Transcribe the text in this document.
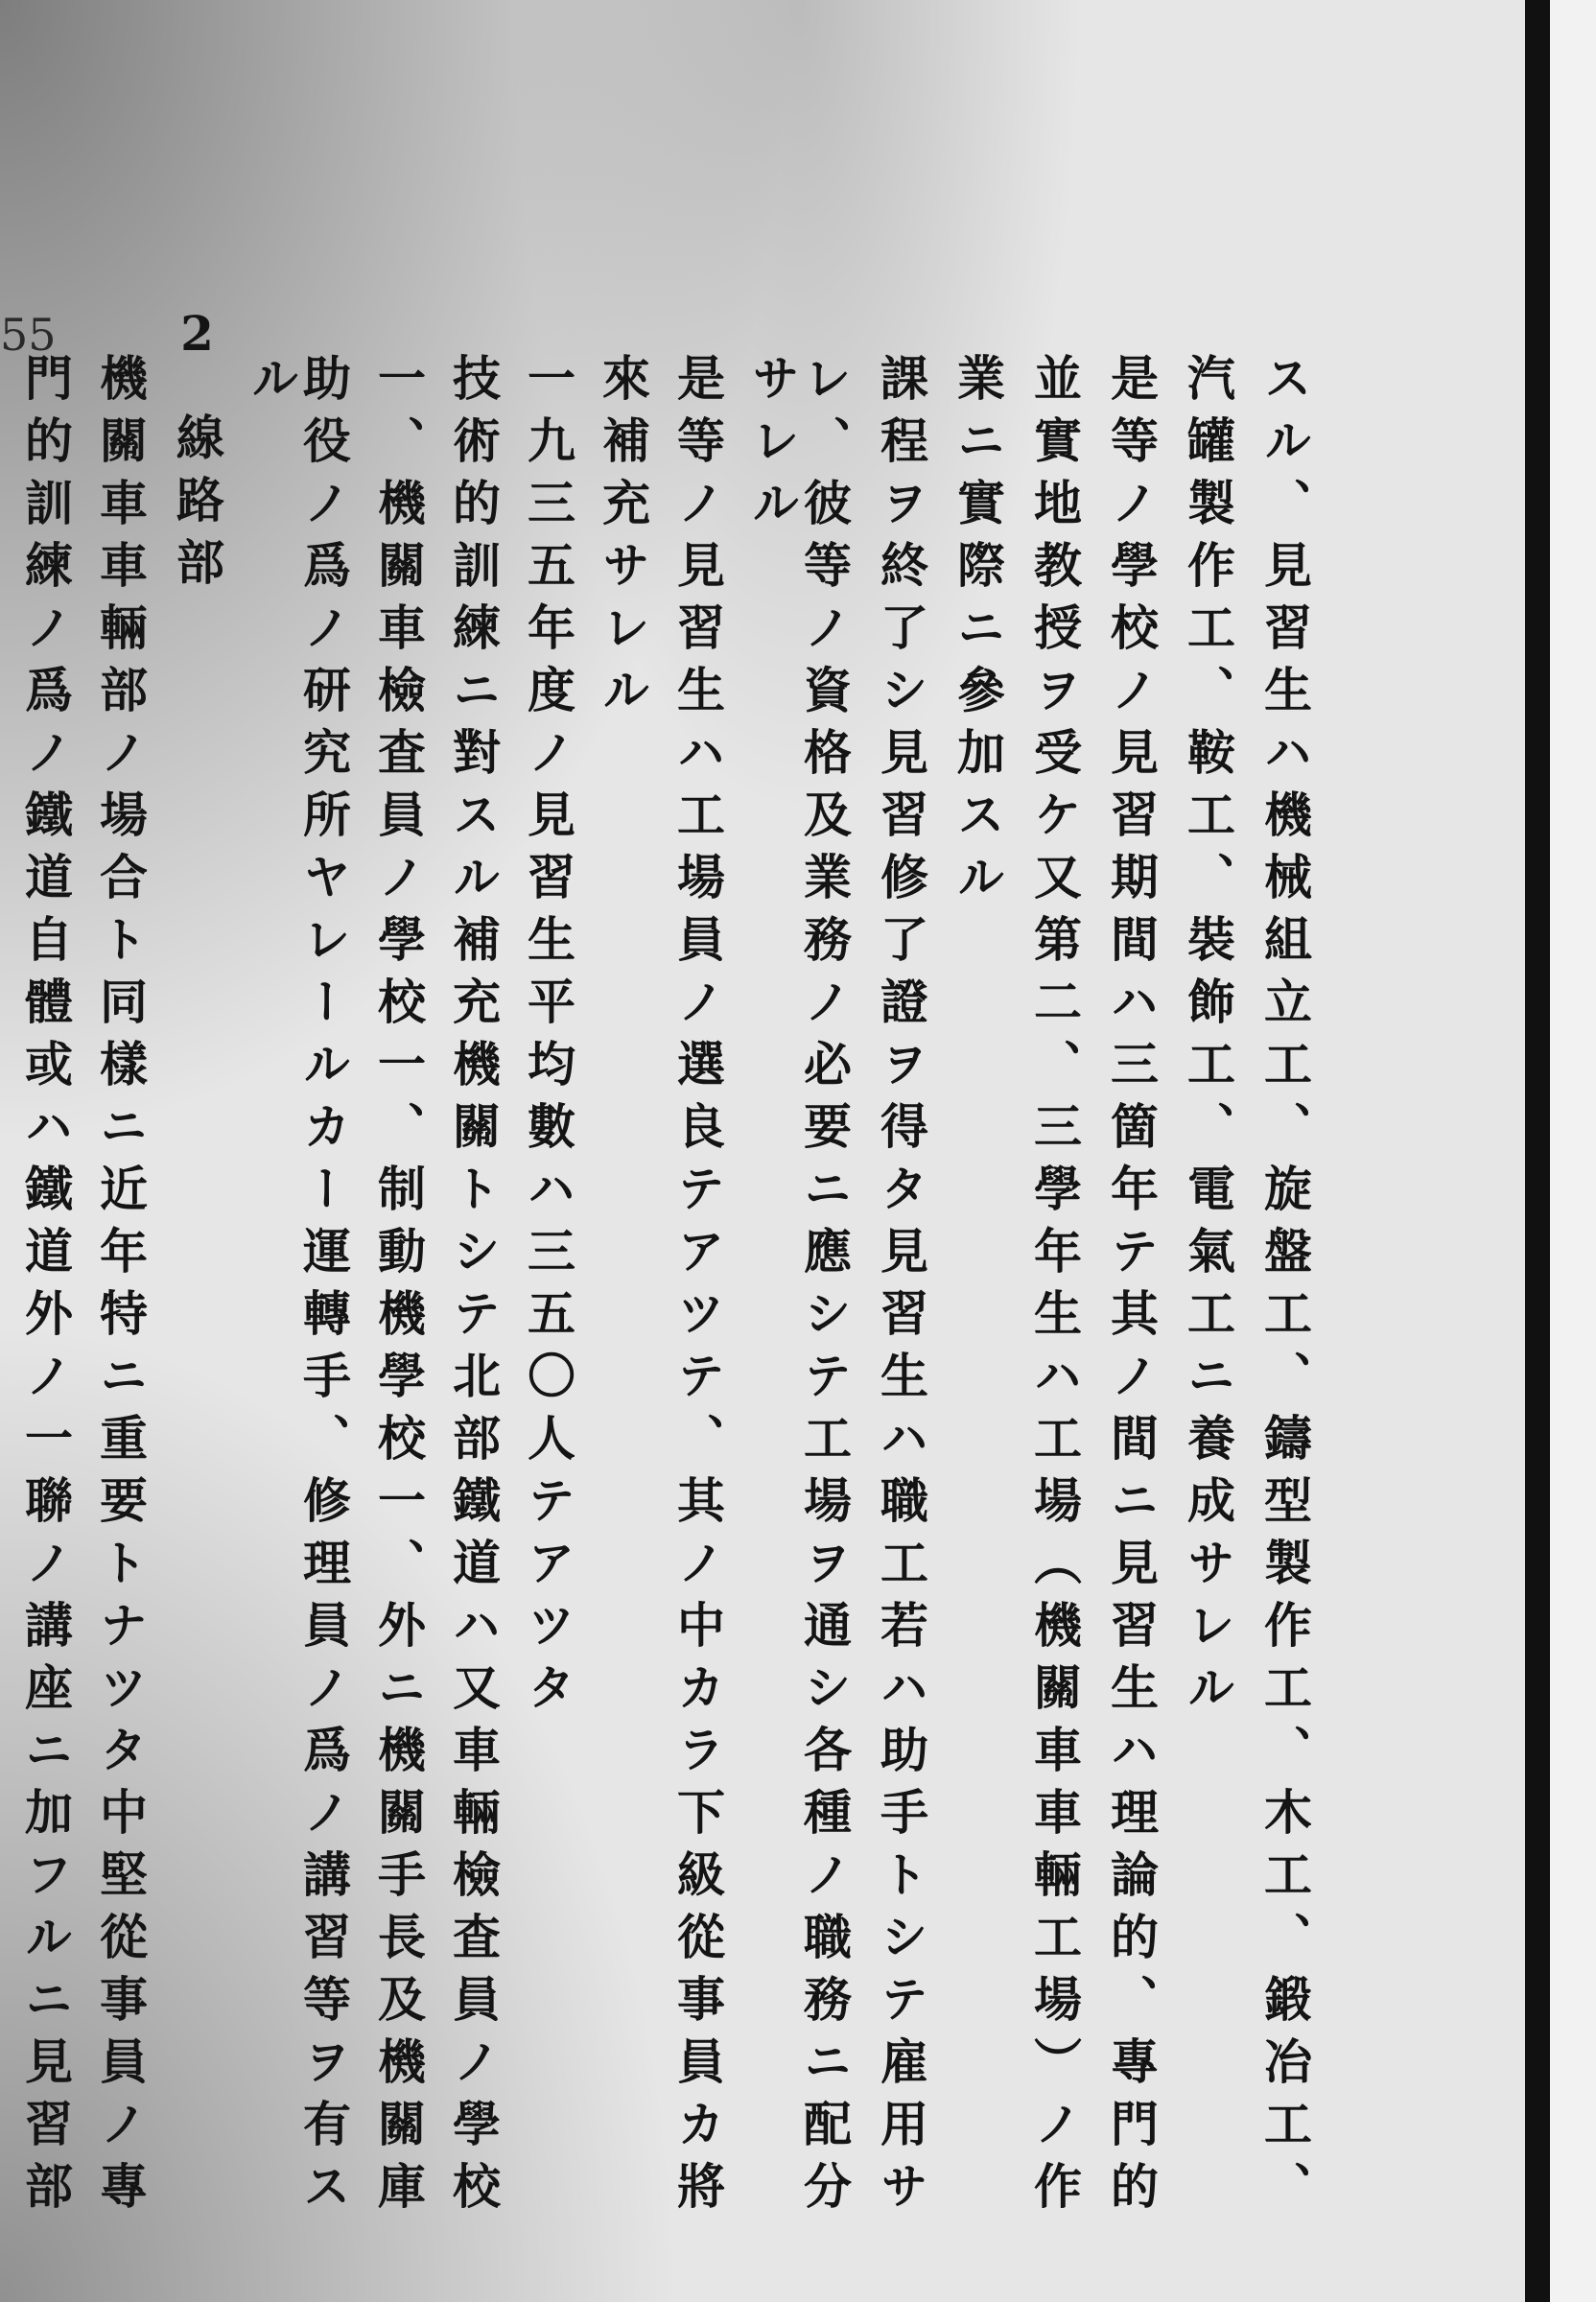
55
スル、見習生ハ機械組立工、旋盤工、鑄型製作工、木工、鍛冶工、
汽罐製作工、鞍工、裝飾工、電氣工ニ養成サレル
是等ノ學校ノ見習期間ハ三箇年テ其ノ間ニ見習生ハ理論的、專門的
並實地教授ヲ受ケ又第二、三學年生ハ工場（機關車車輛工場）ノ作
業ニ實際ニ參加スル
課程ヲ終了シ見習修了證ヲ得タ見習生ハ職工若ハ助手トシテ雇用サ
レ、彼等ノ資格及業務ノ必要ニ應シテ工場ヲ通シ各種ノ職務ニ配分
サレル
是等ノ見習生ハ工場員ノ選良テアツテ、其ノ中カラ下級從事員カ將
來補充サレル
一九三五年度ノ見習生平均數ハ三五〇人テアツタ
技術的訓練ニ對スル補充機關トシテ北部鐵道ハ又車輛檢査員ノ學校
一、機關車檢査員ノ學校一、制動機學校一、外ニ機關手長及機關庫
助役ノ爲ノ研究所ヤレールカー運轉手、修理員ノ爲ノ講習等ヲ有ス
ル
2
線路部
機關車車輛部ノ場合ト同樣ニ近年特ニ重要トナツタ中堅從事員ノ專
門的訓練ノ爲ノ鐵道自體或ハ鐵道外ノ一聯ノ講座ニ加フルニ見習部
